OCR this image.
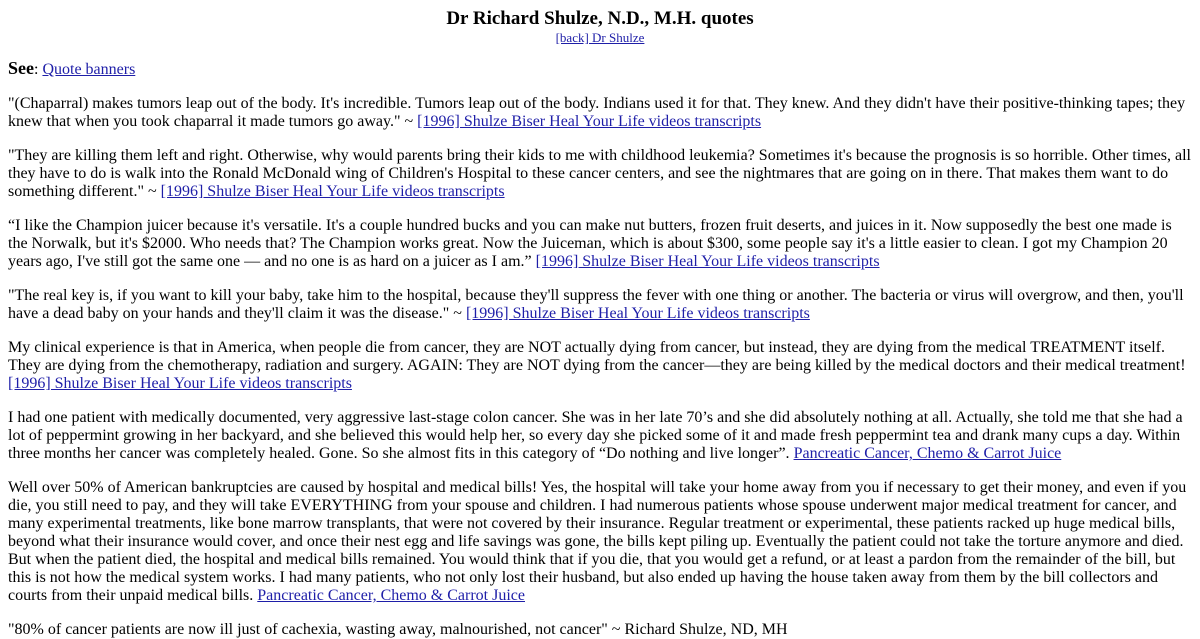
Dr Richard Shulze, N.D., M.H. quotes
[back] Dr Shulze

See: Quote banners

"(Chaparral) makes tumors leap out of the body. It's incredible. Tumors leap out of the body. Indians used it for that. They knew. And they didn't have their positive-thinking tapes; they knew that when you took chaparral it made tumors go away." ~ [1996] Shulze Biser Heal Your Life videos transcripts

"They are killing them left and right. Otherwise, why would parents bring their kids to me with childhood leukemia? Sometimes it's because the prognosis is so horrible. Other times, all they have to do is walk into the Ronald McDonald wing of Children's Hospital to these cancer centers, and see the nightmares that are going on in there. That makes them want to do something different." ~ [1996] Shulze Biser Heal Your Life videos transcripts

“I like the Champion juicer because it's versatile. It's a couple hundred bucks and you can make nut butters, frozen fruit deserts, and juices in it. Now supposedly the best one made is the Norwalk, but it's $2000. Who needs that? The Champion works great. Now the Juiceman, which is about $300, some people say it's a little easier to clean. I got my Champion 20 years ago, I've still got the same one — and no one is as hard on a juicer as I am.” [1996] Shulze Biser Heal Your Life videos transcripts

"The real key is, if you want to kill your baby, take him to the hospital, because they'll suppress the fever with one thing or another. The bacteria or virus will overgrow, and then, you'll have a dead baby on your hands and they'll claim it was the disease." ~ [1996] Shulze Biser Heal Your Life videos transcripts

My clinical experience is that in America, when people die from cancer, they are NOT actually dying from cancer, but instead, they are dying from the medical TREATMENT itself. They are dying from the chemotherapy, radiation and surgery. AGAIN: They are NOT dying from the cancer—they are being killed by the medical doctors and their medical treatment! [1996] Shulze Biser Heal Your Life videos transcripts

I had one patient with medically documented, very aggressive last-stage colon cancer. She was in her late 70’s and she did absolutely nothing at all. Actually, she told me that she had a lot of peppermint growing in her backyard, and she believed this would help her, so every day she picked some of it and made fresh peppermint tea and drank many cups a day. Within three months her cancer was completely healed. Gone. So she almost fits in this category of “Do nothing and live longer”. Pancreatic Cancer, Chemo & Carrot Juice

Well over 50% of American bankruptcies are caused by hospital and medical bills! Yes, the hospital will take your home away from you if necessary to get their money, and even if you die, you still need to pay, and they will take EVERYTHING from your spouse and children. I had numerous patients whose spouse underwent major medical treatment for cancer, and many experimental treatments, like bone marrow transplants, that were not covered by their insurance. Regular treatment or experimental, these patients racked up huge medical bills, beyond what their insurance would cover, and once their nest egg and life savings was gone, the bills kept piling up. Eventually the patient could not take the torture anymore and died. But when the patient died, the hospital and medical bills remained. You would think that if you die, that you would get a refund, or at least a pardon from the remainder of the bill, but this is not how the medical system works. I had many patients, who not only lost their husband, but also ended up having the house taken away from them by the bill collectors and courts from their unpaid medical bills. Pancreatic Cancer, Chemo & Carrot Juice

"80% of cancer patients are now ill just of cachexia, wasting away, malnourished, not cancer" ~ Richard Shulze, ND, MH
